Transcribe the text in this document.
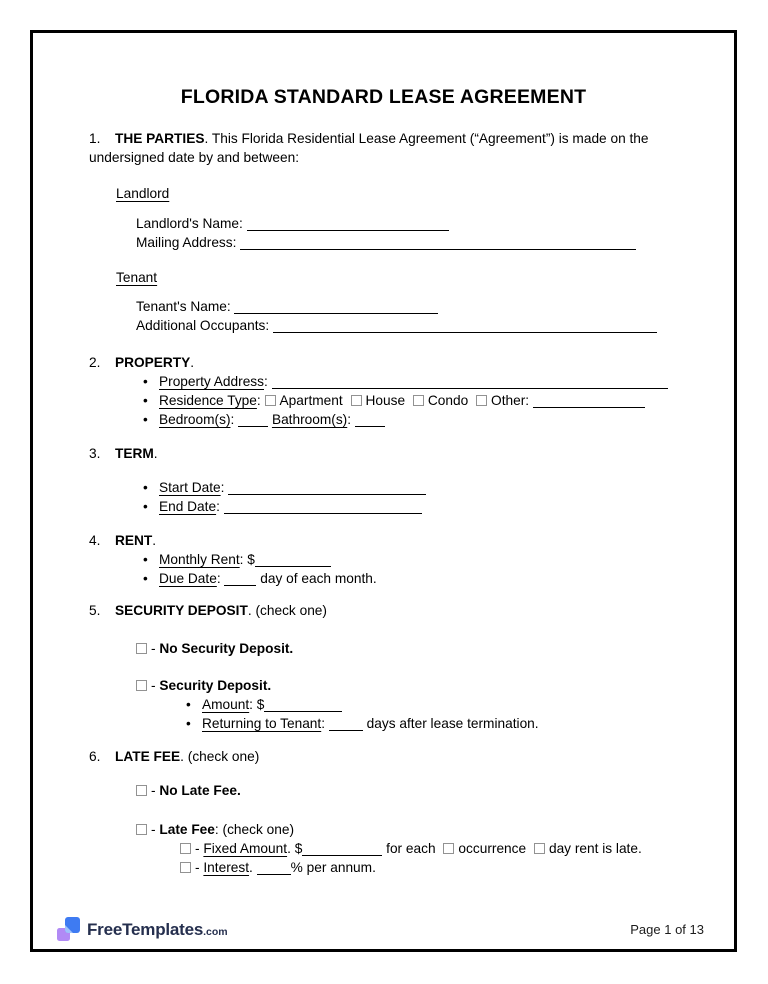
FLORIDA STANDARD LEASE AGREEMENT

1. THE PARTIES. This Florida Residential Lease Agreement (“Agreement”) is made on the undersigned date by and between:

Landlord
Landlord's Name:
Mailing Address:
Tenant
Tenant's Name:
Additional Occupants:
2. PROPERTY.
• Property Address:
• Residence Type: Apartment House Condo Other:
• Bedroom(s):	Bathroom(s):
3. TERM.
• Start Date:
• End Date:
4. RENT.
• Monthly Rent: $
• Due Date:	day of each month.
5. SECURITY DEPOSIT. (check one)
- No Security Deposit.
- Security Deposit.
• Amount: $
• Returning to Tenant:	days after lease termination.
6. LATE FEE. (check one)
- No Late Fee.
- Late Fee: (check one)
- Fixed Amount. $	for each occurrence day rent is late.
- Interest.	% per annum.
FreeTemplates.com	Page 1 of 13
